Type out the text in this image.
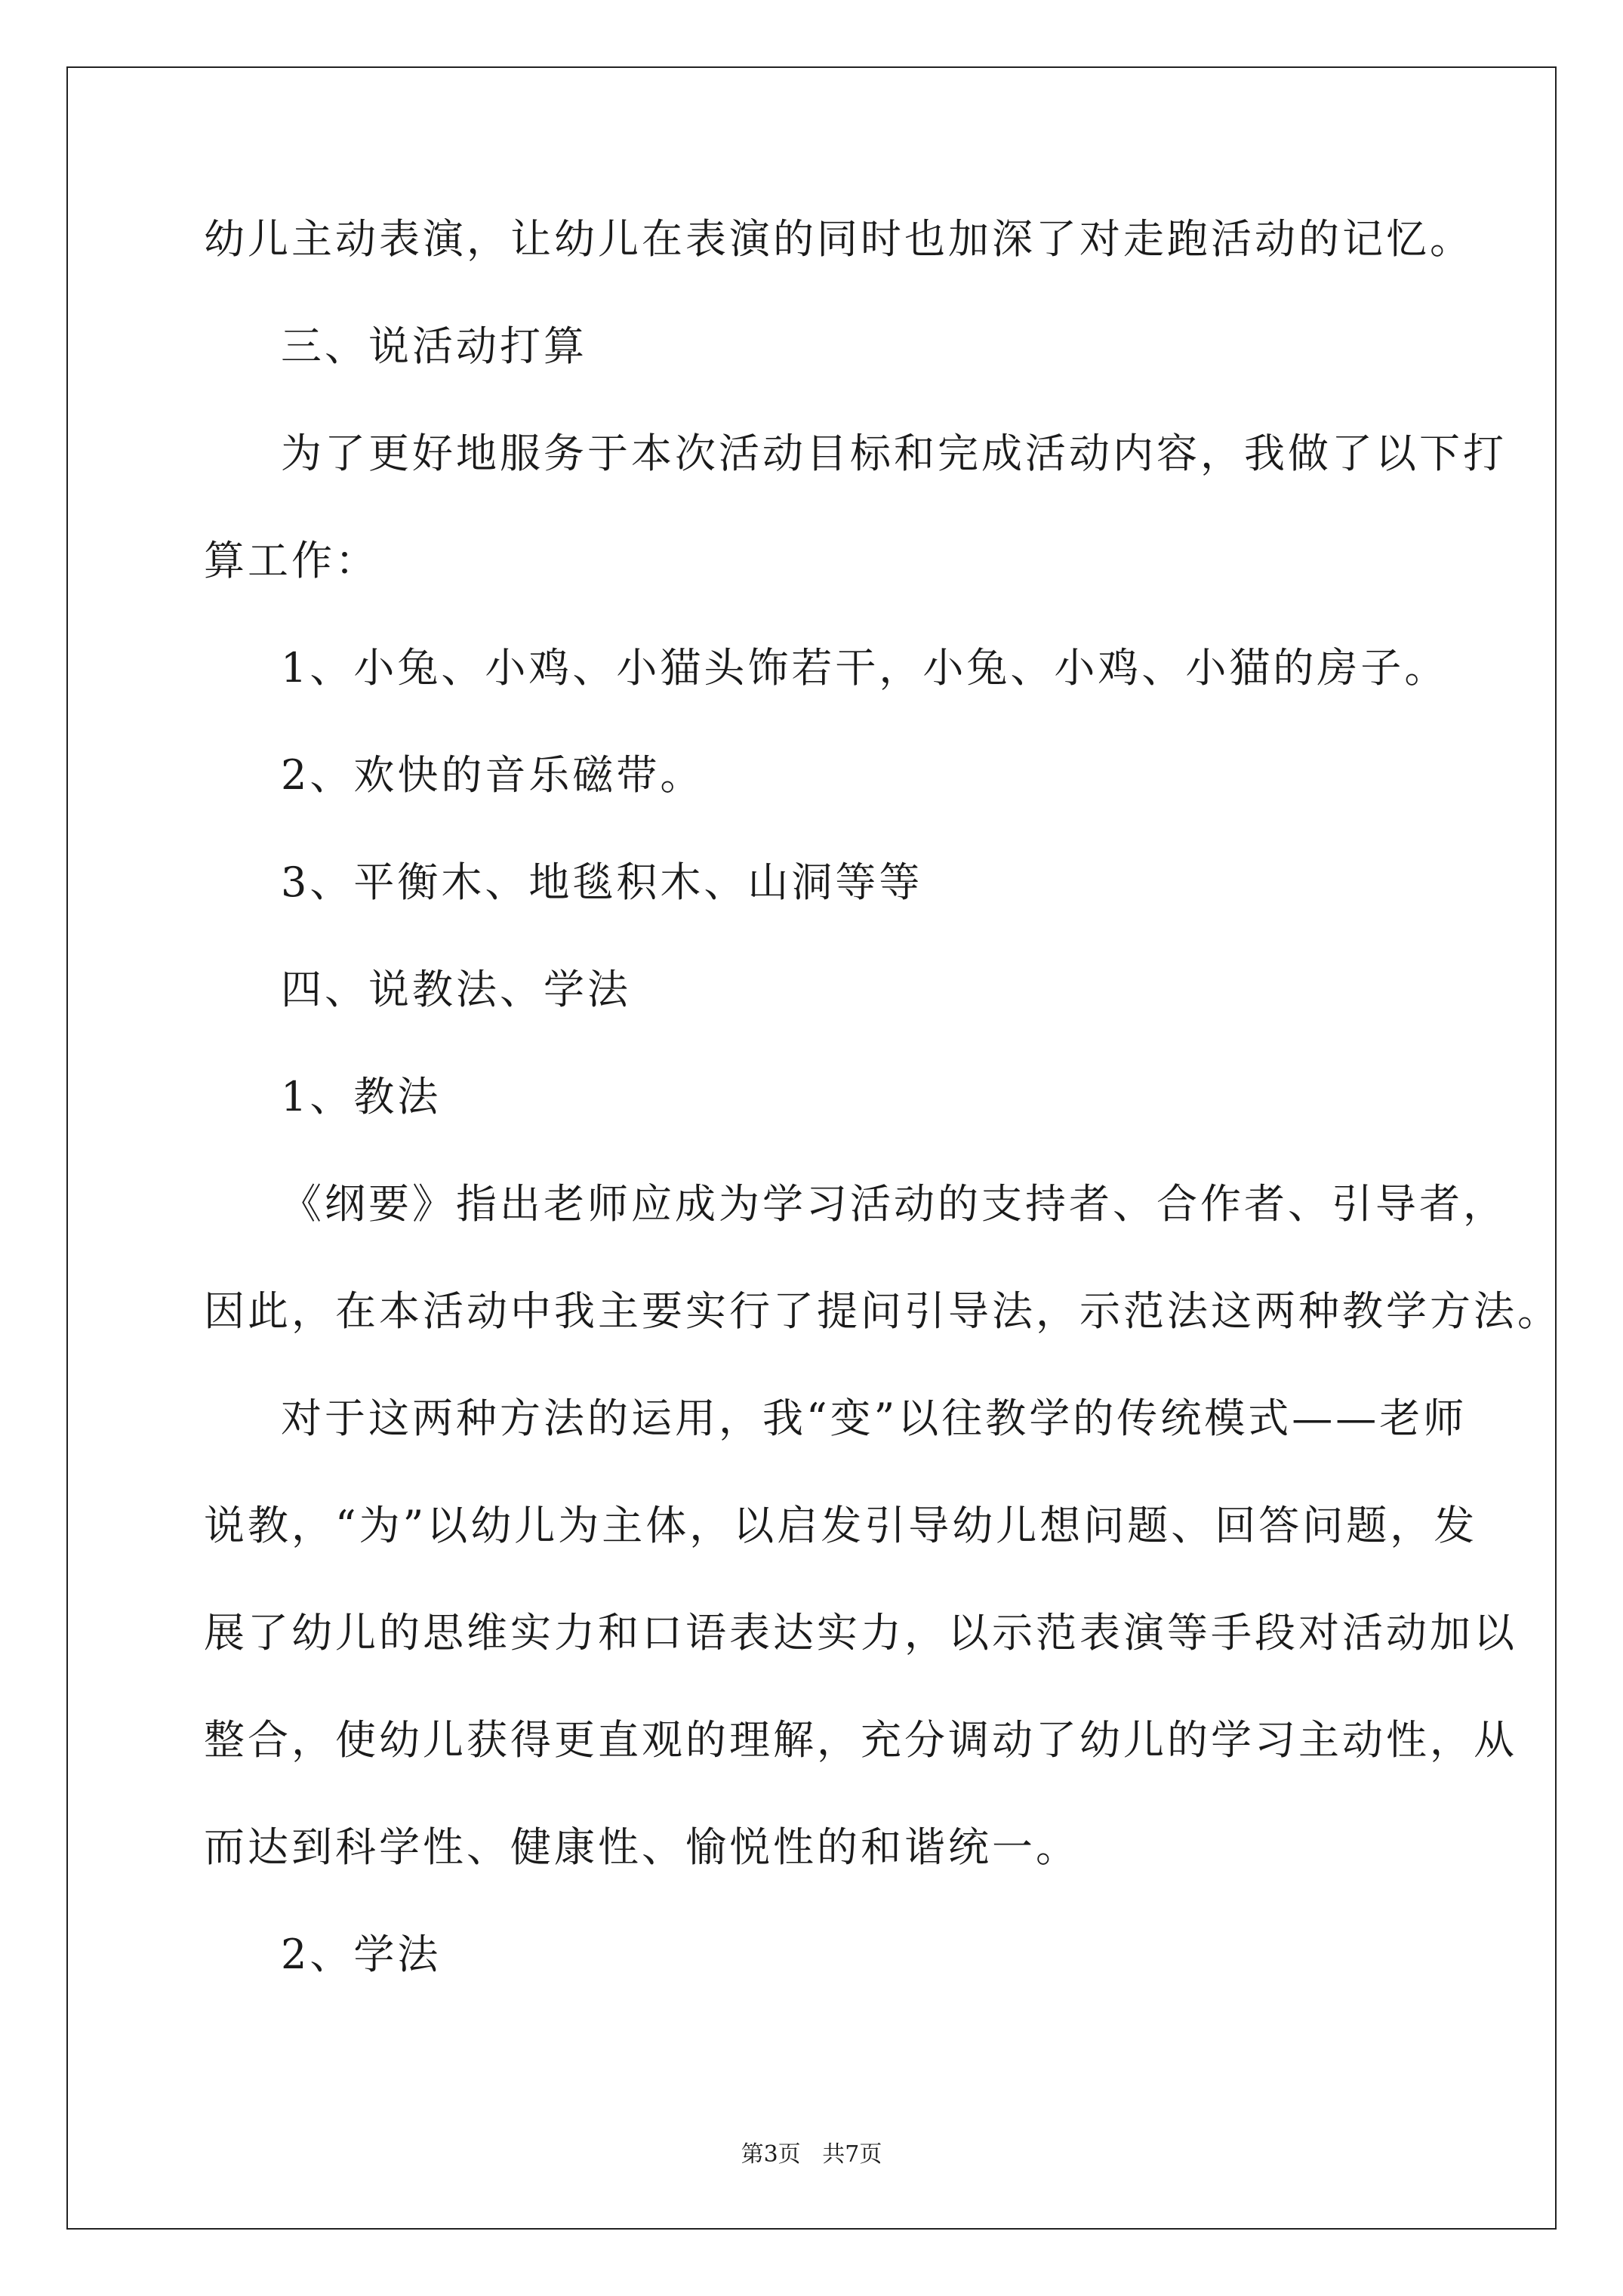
幼儿主动表演，让幼儿在表演的同时也加深了对走跑活动的记忆。
三、说活动打算
为了更好地服务于本次活动目标和完成活动内容，我做了以下打
算工作：
1、小兔、小鸡、小猫头饰若干，小兔、小鸡、小猫的房子。
2、欢快的音乐磁带。
3、平衡木、地毯积木、山洞等等
四、说教法、学法
1、教法
《纲要》指出老师应成为学习活动的支持者、合作者、引导者，
因此，在本活动中我主要实行了提问引导法，示范法这两种教学方法。
对于这两种方法的运用，我“变”以往教学的传统模式——老师
说教，“为”以幼儿为主体，以启发引导幼儿想问题、回答问题，发
展了幼儿的思维实力和口语表达实力，以示范表演等手段对活动加以
整合，使幼儿获得更直观的理解，充分调动了幼儿的学习主动性，从
而达到科学性、健康性、愉悦性的和谐统一。
2、学法
第3页   共7页
